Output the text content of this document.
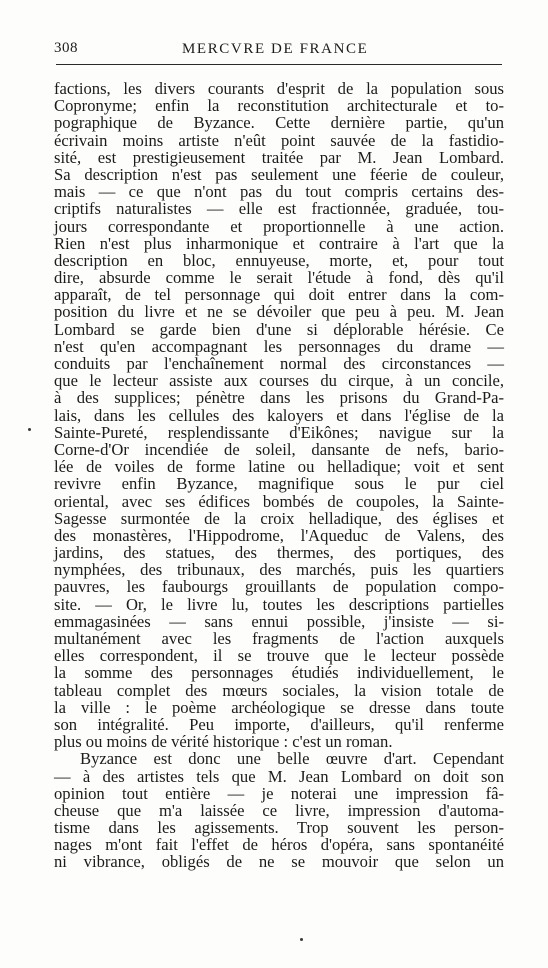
308	MERCVRE DE FRANCE
factions, les divers courants d'esprit de la population sous
Copronyme; enfin la reconstitution architecturale et to-
pographique de Byzance. Cette dernière partie, qu'un
écrivain moins artiste n'eût point sauvée de la fastidio-
sité, est prestigieusement traitée par M. Jean Lombard.
Sa description n'est pas seulement une féerie de couleur,
mais — ce que n'ont pas du tout compris certains des-
criptifs naturalistes — elle est fractionnée, graduée, tou-
jours correspondante et proportionnelle à une action.
Rien n'est plus inharmonique et contraire à l'art que la
description en bloc, ennuyeuse, morte, et, pour tout
dire, absurde comme le serait l'étude à fond, dès qu'il
apparaît, de tel personnage qui doit entrer dans la com-
position du livre et ne se dévoiler que peu à peu. M. Jean
Lombard se garde bien d'une si déplorable hérésie. Ce
n'est qu'en accompagnant les personnages du drame —
conduits par l'enchaînement normal des circonstances —
que le lecteur assiste aux courses du cirque, à un concile,
à des supplices; pénètre dans les prisons du Grand-Pa-
lais, dans les cellules des kaloyers et dans l'église de la
Sainte-Pureté, resplendissante d'Eikônes; navigue sur la
Corne-d'Or incendiée de soleil, dansante de nefs, bario-
lée de voiles de forme latine ou helladique; voit et sent
revivre enfin Byzance, magnifique sous le pur ciel
oriental, avec ses édifices bombés de coupoles, la Sainte-
Sagesse surmontée de la croix helladique, des églises et
des monastères, l'Hippodrome, l'Aqueduc de Valens, des
jardins, des statues, des thermes, des portiques, des
nymphées, des tribunaux, des marchés, puis les quartiers
pauvres, les faubourgs grouillants de population compo-
site. — Or, le livre lu, toutes les descriptions partielles
emmagasinées — sans ennui possible, j'insiste — si-
multanément avec les fragments de l'action auxquels
elles correspondent, il se trouve que le lecteur possède
la somme des personnages étudiés individuellement, le
tableau complet des mœurs sociales, la vision totale de
la ville : le poème archéologique se dresse dans toute
son intégralité. Peu importe, d'ailleurs, qu'il renferme
plus ou moins de vérité historique : c'est un roman.
Byzance est donc une belle œuvre d'art. Cependant
— à des artistes tels que M. Jean Lombard on doit son
opinion tout entière — je noterai une impression fâ-
cheuse que m'a laissée ce livre, impression d'automa-
tisme dans les agissements. Trop souvent les person-
nages m'ont fait l'effet de héros d'opéra, sans spontanéité
ni vibrance, obligés de ne se mouvoir que selon un
